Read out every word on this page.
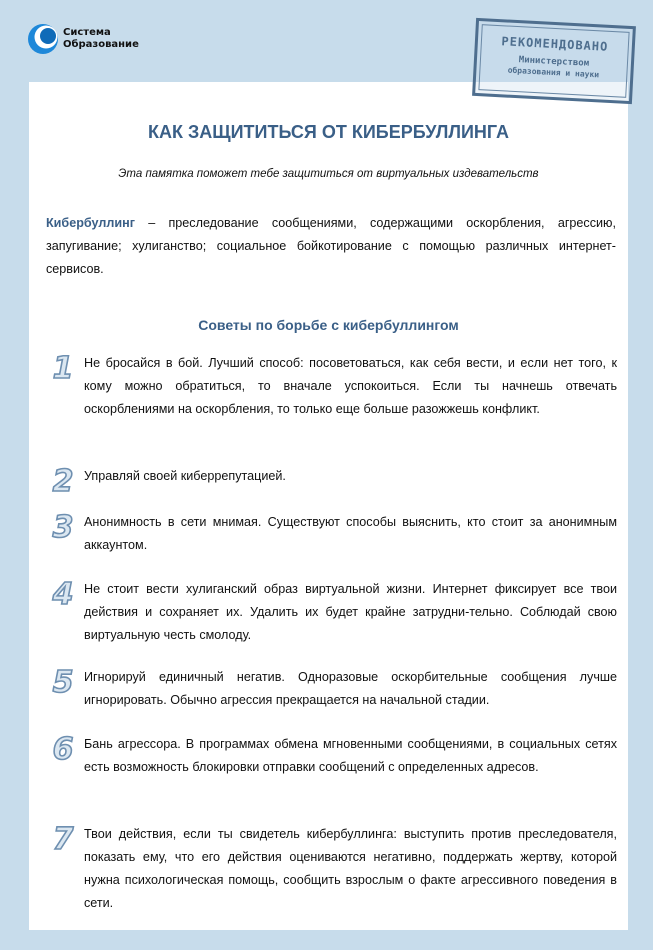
Система
Образование	РЕКОМЕНДОВАНО
Министерством
образования и науки
КАК ЗАЩИТИТЬСЯ ОТ КИБЕРБУЛЛИНГА
Эта памятка поможет тебе защититься от виртуальных издевательств
Кибербуллинг – преследование сообщениями, содержащими оскорбления, агрессию, запугивание; хулиганство; социальное бойкотирование с помощью различных интернет-сервисов.
Советы по борьбе с кибербуллингом
1 Не бросайся в бой. Лучший способ: посоветоваться, как себя вести, и если нет того, к кому можно обратиться, то вначале успокоиться. Если ты начнешь отвечать оскорблениями на оскорбления, то только еще больше разожжешь конфликт.
2 Управляй своей киберрепутацией.
3 Анонимность в сети мнимая. Существуют способы выяснить, кто стоит за анонимным аккаунтом.
4 Не стоит вести хулиганский образ виртуальной жизни. Интернет фиксирует все твои действия и сохраняет их. Удалить их будет крайне затрудни-тельно. Соблюдай свою виртуальную честь смолоду.
5 Игнорируй единичный негатив. Одноразовые оскорбительные сообщения лучше игнорировать. Обычно агрессия прекращается на начальной стадии.
6 Бань агрессора. В программах обмена мгновенными сообщениями, в социальных сетях есть возможность блокировки отправки сообщений с определенных адресов.
7 Твои действия, если ты свидетель кибербуллинга: выступить против преследователя, показать ему, что его действия оцениваются негативно, поддержать жертву, которой нужна психологическая помощь, сообщить взрослым о факте агрессивного поведения в сети.
